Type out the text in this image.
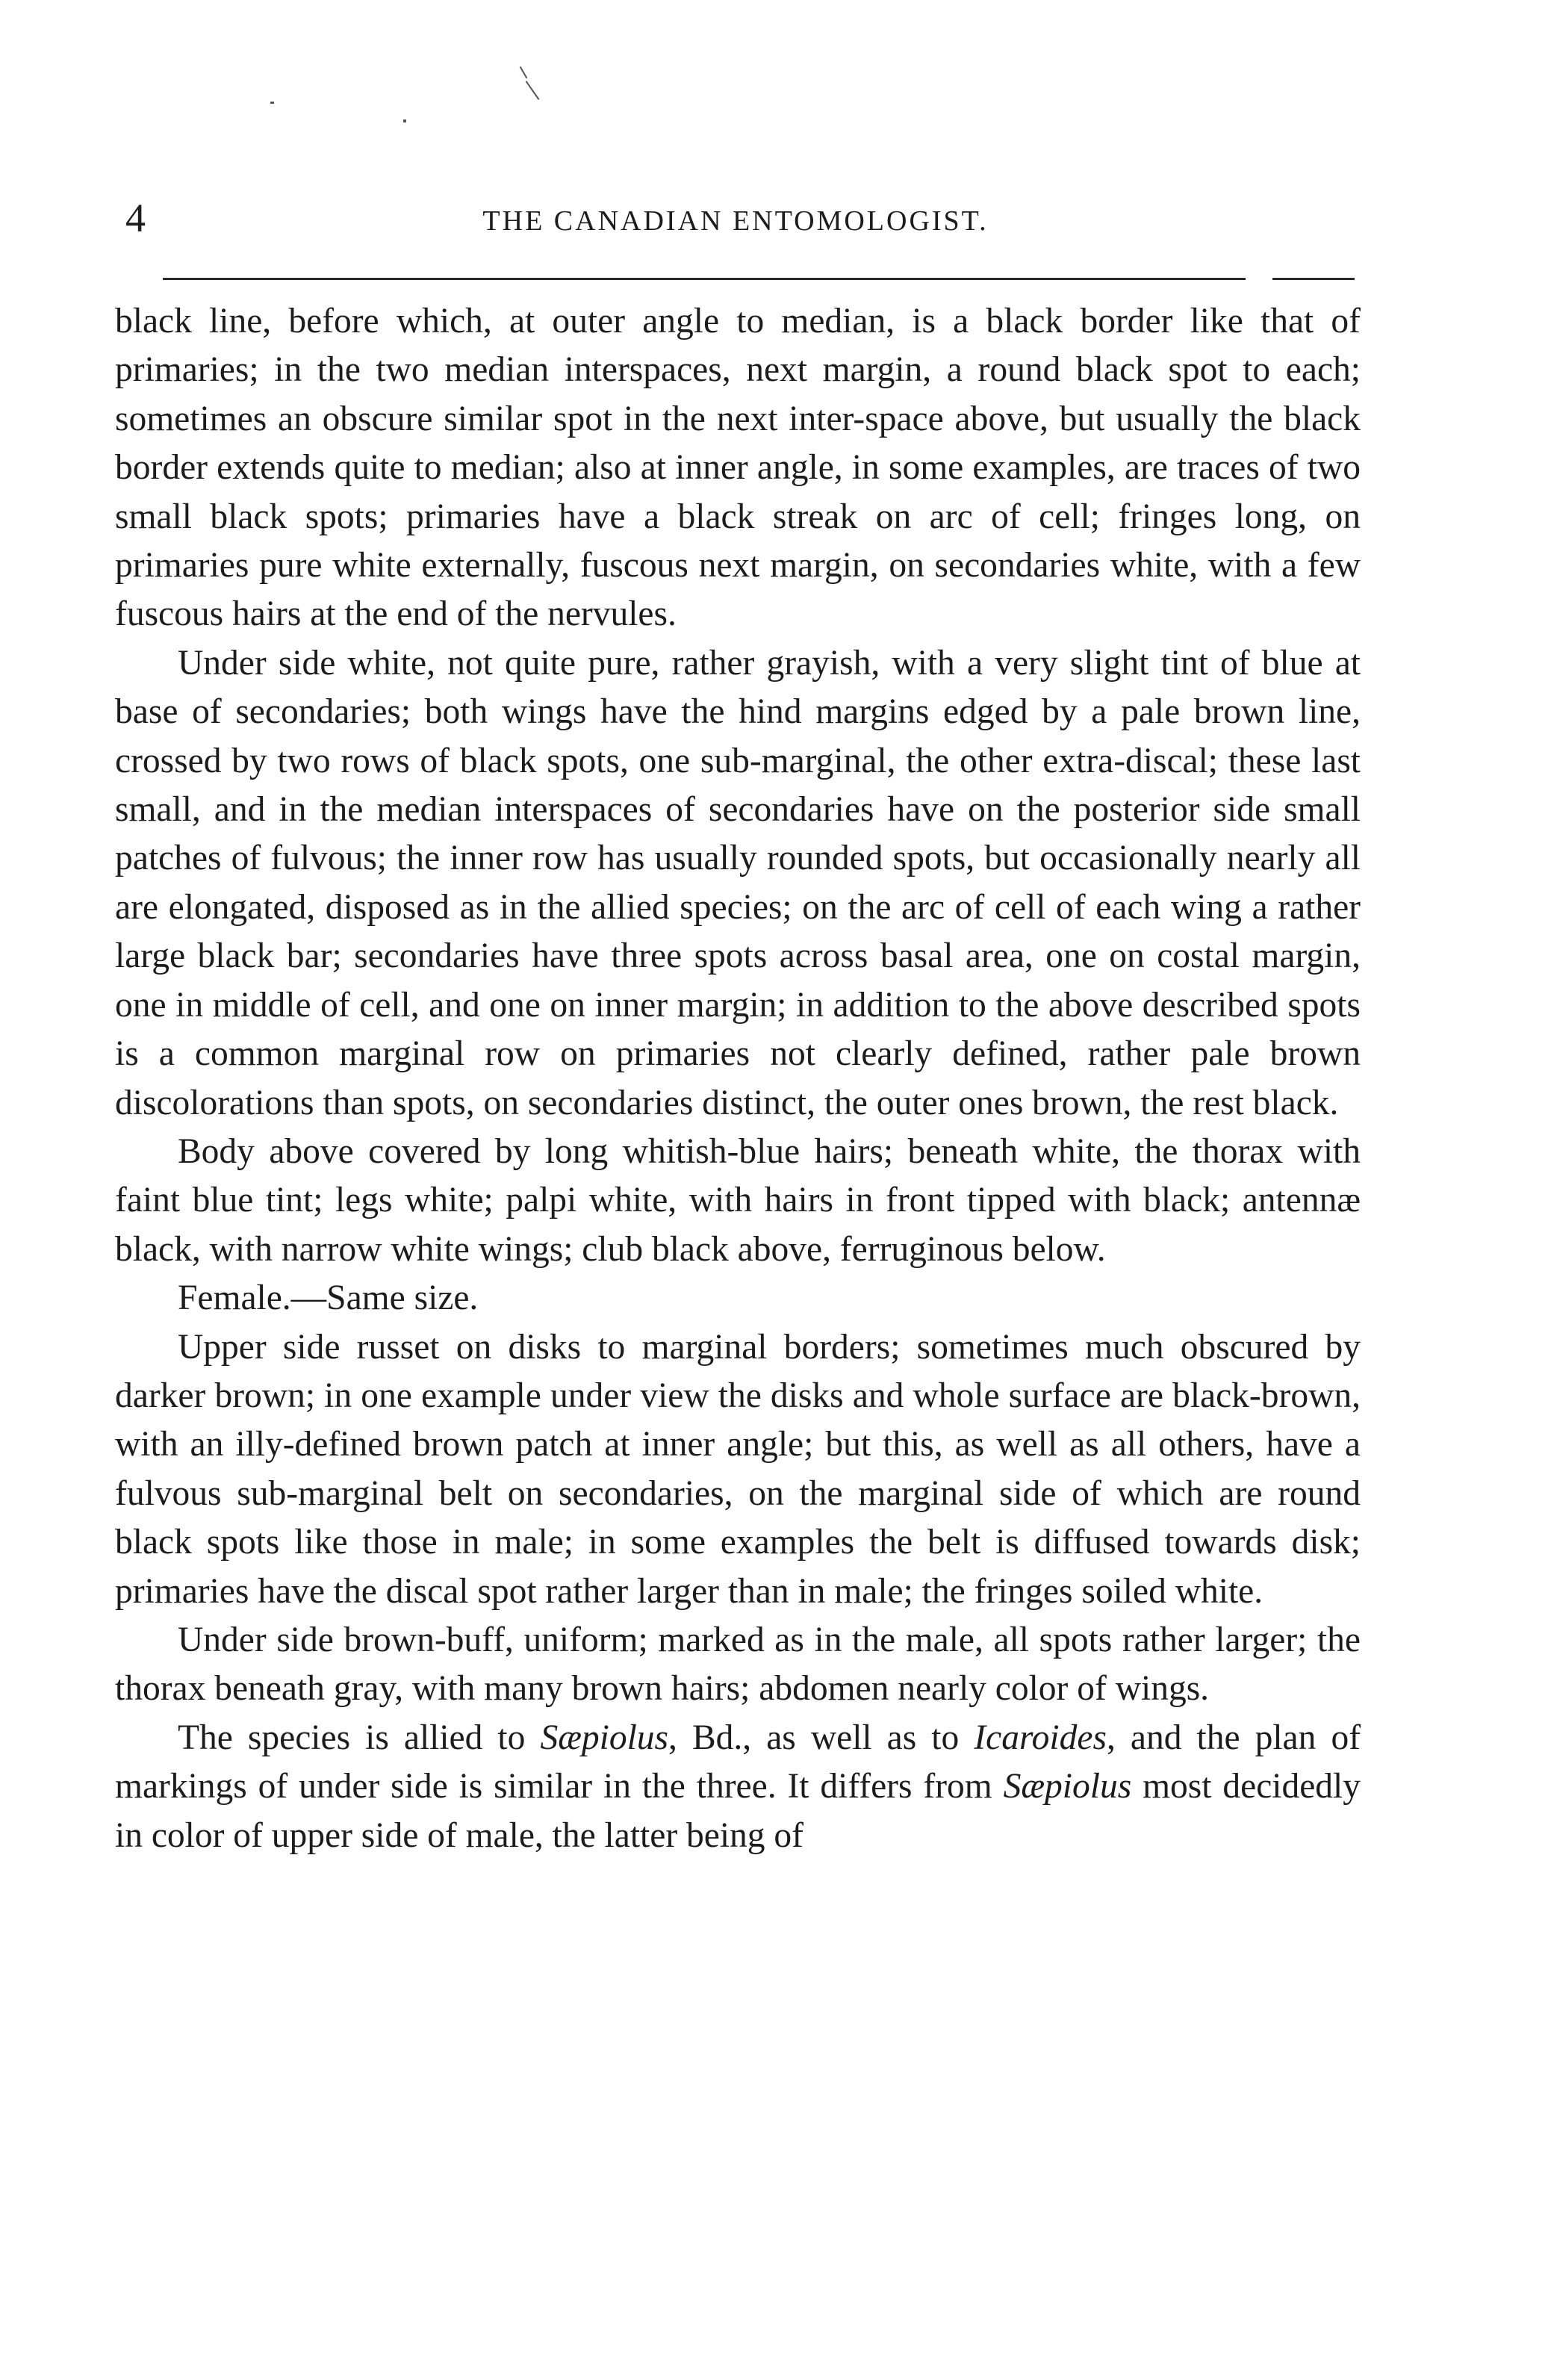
4	THE CANADIAN ENTOMOLOGIST.

black line, before which, at outer angle to median, is a black border like that of primaries; in the two median interspaces, next margin, a round black spot to each; sometimes an obscure similar spot in the next inter-space above, but usually the black border extends quite to median; also at inner angle, in some examples, are traces of two small black spots; primaries have a black streak on arc of cell; fringes long, on primaries pure white externally, fuscous next margin, on secondaries white, with a few fuscous hairs at the end of the nervules.

Under side white, not quite pure, rather grayish, with a very slight tint of blue at base of secondaries; both wings have the hind margins edged by a pale brown line, crossed by two rows of black spots, one sub-marginal, the other extra-discal; these last small, and in the median interspaces of secondaries have on the posterior side small patches of fulvous; the inner row has usually rounded spots, but occasionally nearly all are elongated, disposed as in the allied species; on the arc of cell of each wing a rather large black bar; secondaries have three spots across basal area, one on costal margin, one in middle of cell, and one on inner margin; in addition to the above described spots is a common marginal row on primaries not clearly defined, rather pale brown discolorations than spots, on secondaries distinct, the outer ones brown, the rest black.

Body above covered by long whitish-blue hairs; beneath white, the thorax with faint blue tint; legs white; palpi white, with hairs in front tipped with black; antennæ black, with narrow white wings; club black above, ferruginous below.

Female.—Same size.

Upper side russet on disks to marginal borders; sometimes much obscured by darker brown; in one example under view the disks and whole surface are black-brown, with an illy-defined brown patch at inner angle; but this, as well as all others, have a fulvous sub-marginal belt on secondaries, on the marginal side of which are round black spots like those in male; in some examples the belt is diffused towards disk; primaries have the discal spot rather larger than in male; the fringes soiled white.

Under side brown-buff, uniform; marked as in the male, all spots rather larger; the thorax beneath gray, with many brown hairs; abdomen nearly color of wings.

The species is allied to Sæpiolus, Bd., as well as to Icaroides, and the plan of markings of under side is similar in the three. It differs from Sæpiolus most decidedly in color of upper side of male, the latter being of
